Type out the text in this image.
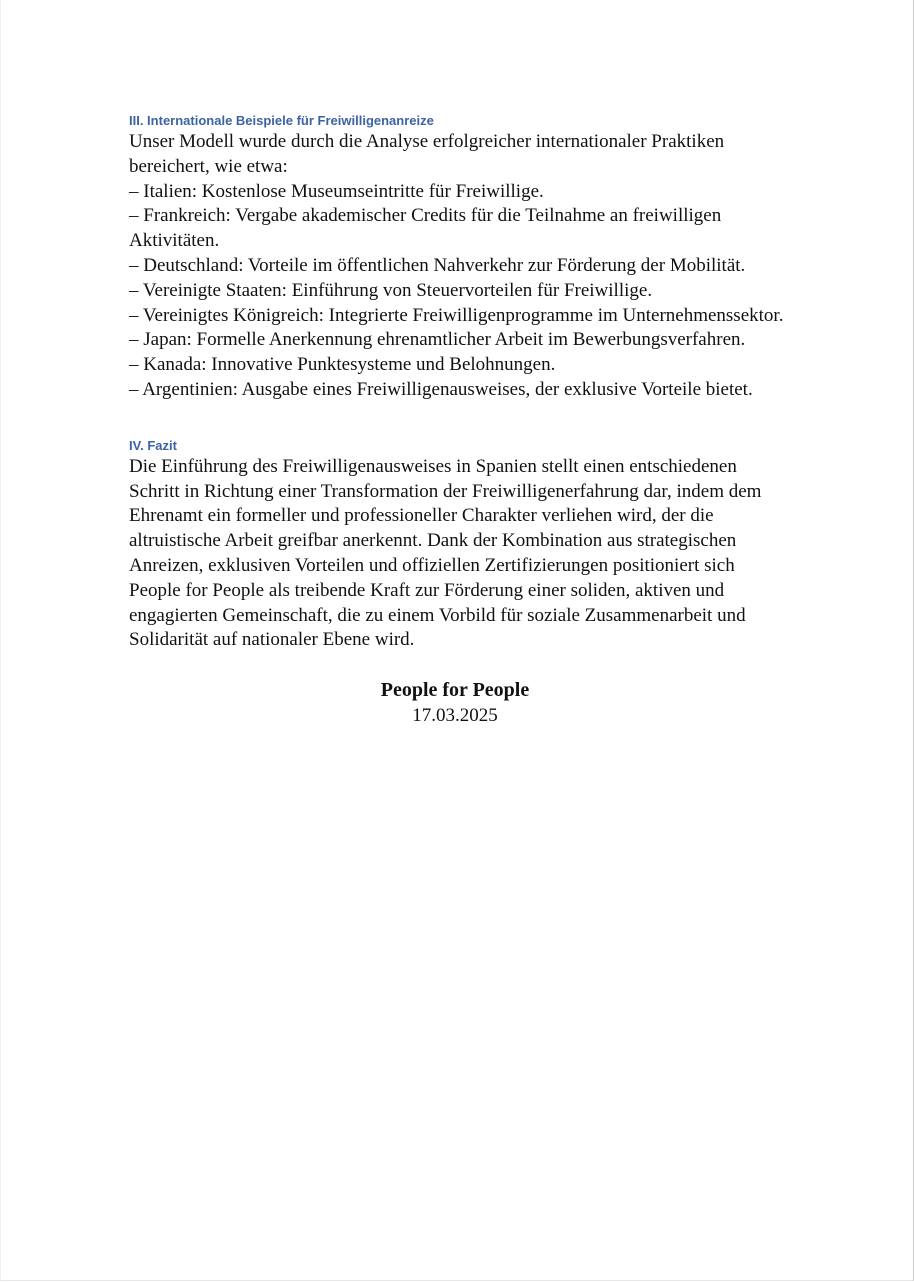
III. Internationale Beispiele für Freiwilligenanreize

Unser Modell wurde durch die Analyse erfolgreicher internationaler Praktiken bereichert, wie etwa:

– Italien: Kostenlose Museumseintritte für Freiwillige.
– Frankreich: Vergabe akademischer Credits für die Teilnahme an freiwilligen Aktivitäten.
– Deutschland: Vorteile im öffentlichen Nahverkehr zur Förderung der Mobilität.
– Vereinigte Staaten: Einführung von Steuervorteilen für Freiwillige.
– Vereinigtes Königreich: Integrierte Freiwilligenprogramme im Unternehmenssektor.
– Japan: Formelle Anerkennung ehrenamtlicher Arbeit im Bewerbungsverfahren.
– Kanada: Innovative Punktesysteme und Belohnungen.
– Argentinien: Ausgabe eines Freiwilligenausweises, der exklusive Vorteile bietet.
IV. Fazit

Die Einführung des Freiwilligenausweises in Spanien stellt einen entschiedenen Schritt in Richtung einer Transformation der Freiwilligenerfahrung dar, indem dem Ehrenamt ein formeller und professioneller Charakter verliehen wird, der die altruistische Arbeit greifbar anerkennt. Dank der Kombination aus strategischen Anreizen, exklusiven Vorteilen und offiziellen Zertifizierungen positioniert sich People for People als treibende Kraft zur Förderung einer soliden, aktiven und engagierten Gemeinschaft, die zu einem Vorbild für soziale Zusammenarbeit und Solidarität auf nationaler Ebene wird.

People for People
17.03.2025
